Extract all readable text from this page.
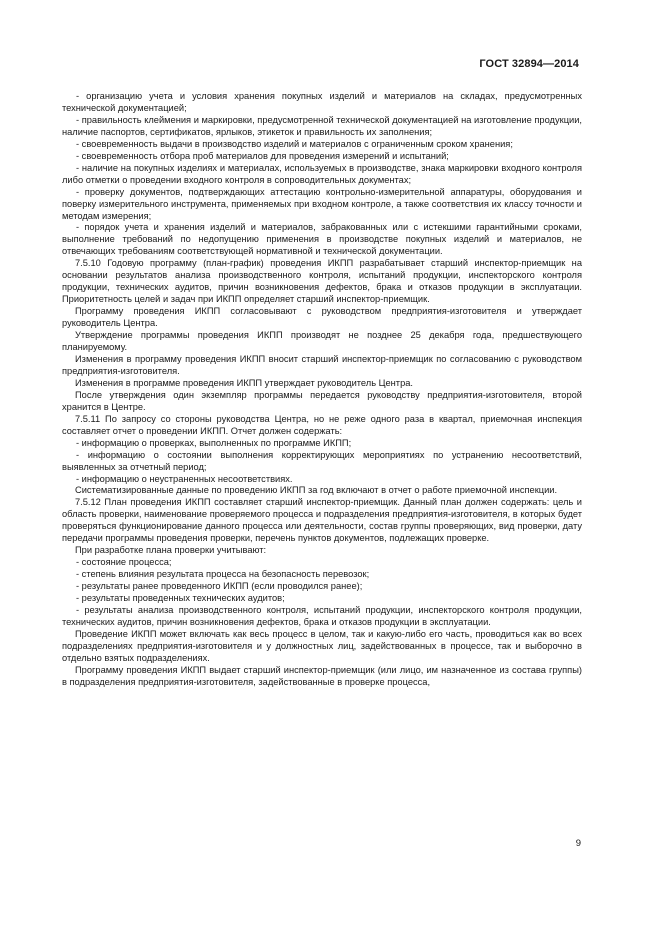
ГОСТ 32894—2014

- организацию учета и условия хранения покупных изделий и материалов на складах, предусмотренных технической документацией;

- правильность клеймения и маркировки, предусмотренной технической документацией на изготовление продукции, наличие паспортов, сертификатов, ярлыков, этикеток и правильность их заполнения;

- своевременность выдачи в производство изделий и материалов с ограниченным сроком хранения;

- своевременность отбора проб материалов для проведения измерений и испытаний;

- наличие на покупных изделиях и материалах, используемых в производстве, знака маркировки входного контроля либо отметки о проведении входного контроля в сопроводительных документах;

- проверку документов, подтверждающих аттестацию контрольно-измерительной аппаратуры, оборудования и поверку измерительного инструмента, применяемых при входном контроле, а также соответствия их классу точности и методам измерения;

- порядок учета и хранения изделий и материалов, забракованных или с истекшими гарантийными сроками, выполнение требований по недопущению применения в производстве покупных изделий и материалов, не отвечающих требованиям соответствующей нормативной и технической документации.

7.5.10 Годовую программу (план-график) проведения ИКПП разрабатывает старший инспектор-приемщик на основании результатов анализа производственного контроля, испытаний продукции, инспекторского контроля продукции, технических аудитов, причин возникновения дефектов, брака и отказов продукции в эксплуатации. Приоритетность целей и задач при ИКПП определяет старший инспектор-приемщик.

Программу проведения ИКПП согласовывают с руководством предприятия-изготовителя и утверждает руководитель Центра.

Утверждение программы проведения ИКПП производят не позднее 25 декабря года, предшествующего планируемому.

Изменения в программу проведения ИКПП вносит старший инспектор-приемщик по согласованию с руководством предприятия-изготовителя.

Изменения в программе проведения ИКПП утверждает руководитель Центра.

После утверждения один экземпляр программы передается руководству предприятия-изготовителя, второй хранится в Центре.

7.5.11 По запросу со стороны руководства Центра, но не реже одного раза в квартал, приемочная инспекция составляет отчет о проведении ИКПП. Отчет должен содержать:

- информацию о проверках, выполненных по программе ИКПП;

- информацию о состоянии выполнения корректирующих мероприятиях по устранению несоответствий, выявленных за отчетный период;

- информацию о неустраненных несоответствиях.

Систематизированные данные по проведению ИКПП за год включают в отчет о работе приемочной инспекции.

7.5.12 План проведения ИКПП составляет старший инспектор-приемщик. Данный план должен содержать: цель и область проверки, наименование проверяемого процесса и подразделения предприятия-изготовителя, в которых будет проверяться функционирование данного процесса или деятельности, состав группы проверяющих, вид проверки, дату передачи программы проведения проверки, перечень пунктов документов, подлежащих проверке.

При разработке плана проверки учитывают:

- состояние процесса;

- степень влияния результата процесса на безопасность перевозок;

- результаты ранее проведенного ИКПП (если проводился ранее);

- результаты проведенных технических аудитов;

- результаты анализа производственного контроля, испытаний продукции, инспекторского контроля продукции, технических аудитов, причин возникновения дефектов, брака и отказов продукции в эксплуатации.

Проведение ИКПП может включать как весь процесс в целом, так и какую-либо его часть, проводиться как во всех подразделениях предприятия-изготовителя и у должностных лиц, задействованных в процессе, так и выборочно в отдельно взятых подразделениях.

Программу проведения ИКПП выдает старший инспектор-приемщик (или лицо, им назначенное из состава группы) в подразделения предприятия-изготовителя, задействованные в проверке процесса,

9
